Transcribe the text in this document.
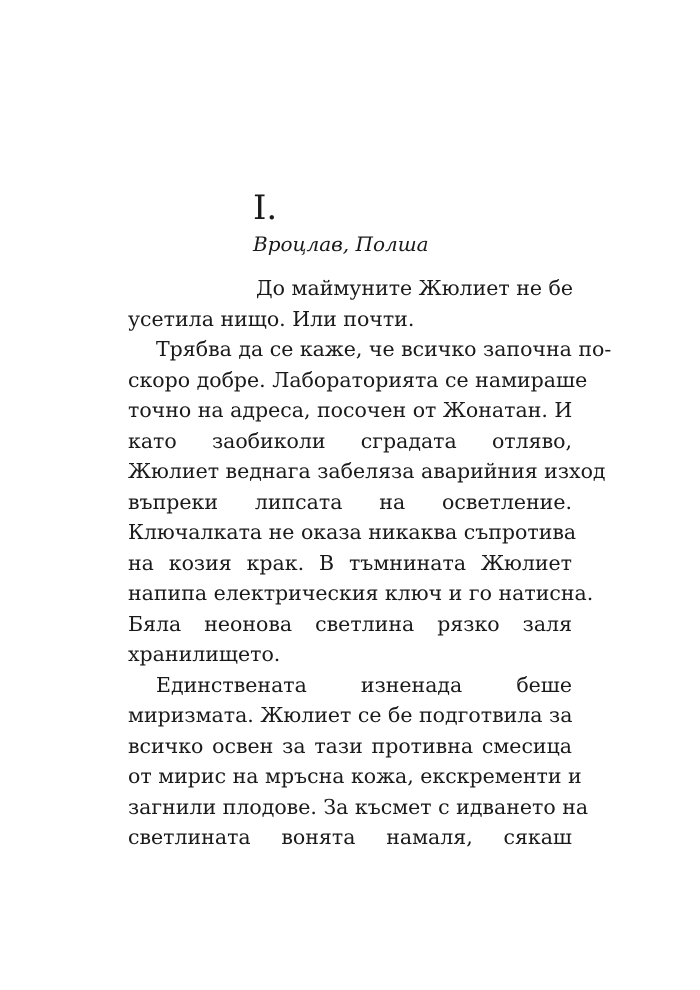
I.
Вроцлав, Полша
До маймуните Жюлиет не бе
усетила нищо. Или почти.
Трябва да се каже, че всичко започна по-
скоро добре. Лабораторията се намираше
точно на адреса, посочен от Жонатан. И
като заобиколи сградата отляво,
Жюлиет веднага забеляза аварийния изход
въпреки липсата на осветление.
Ключалката не оказа никаква съпротива
на козия крак. В тъмнината Жюлиет
напипа електрическия ключ и го натисна.
Бяла неонова светлина рязко заля
хранилището.
Единствената изненада беше
миризмата. Жюлиет се бе подготвила за
всичко освен за тази противна смесица
от мирис на мръсна кожа, екскременти и
загнили плодове. За късмет с идването на
светлината вонята намаля, сякаш
